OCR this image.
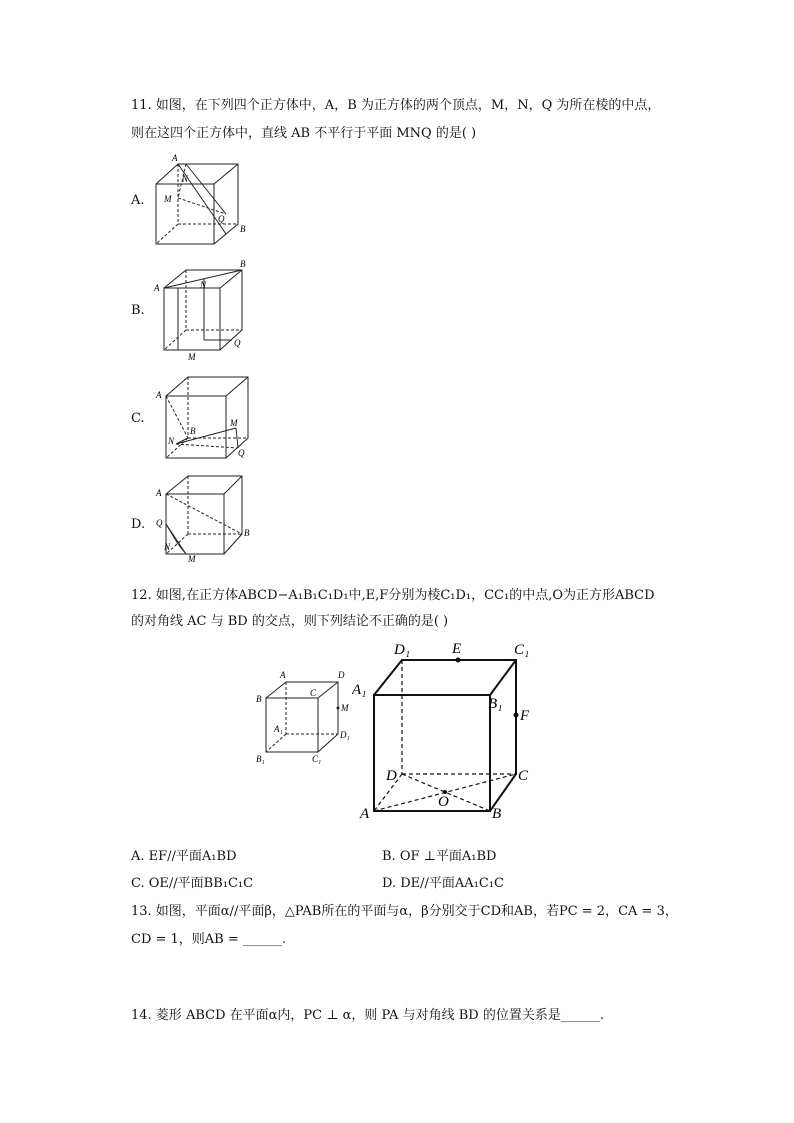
11. 如图，在下列四个正方体中，A，B 为正方体的两个顶点，M，N，Q 为所在棱的中点，
则在这四个正方体中，直线 AB 不平行于平面 MNQ 的是( )
A.
B.
C.
D.
A
N
M
Q
B
B
A	N
Q
M
A
B
M
N
Q
A
Q
B
N
M
12. 如图,在正方体ABCD−A₁B₁C₁D₁中,E,F分别为棱C₁D₁，CC₁的中点,O为正方形ABCD
的对角线 AC 与 BD 的交点，则下列结论不正确的是( )
A	D
B
C
M
A₁
D₁
B₁	C₁
D₁	E	C₁
A₁
B₁
F
D	C
O
A	B
A. EF//平面A₁BD	B. OF ⊥平面A₁BD
C. OE//平面BB₁C₁C	D. DE//平面AA₁C₁C
13. 如图，平面α//平面β，△PAB所在的平面与α，β分别交于CD和AB，若PC = 2，CA = 3，
CD = 1，则AB = ______.
14. 菱形 ABCD 在平面α内，PC ⊥ α，则 PA 与对角线 BD 的位置关系是______.
